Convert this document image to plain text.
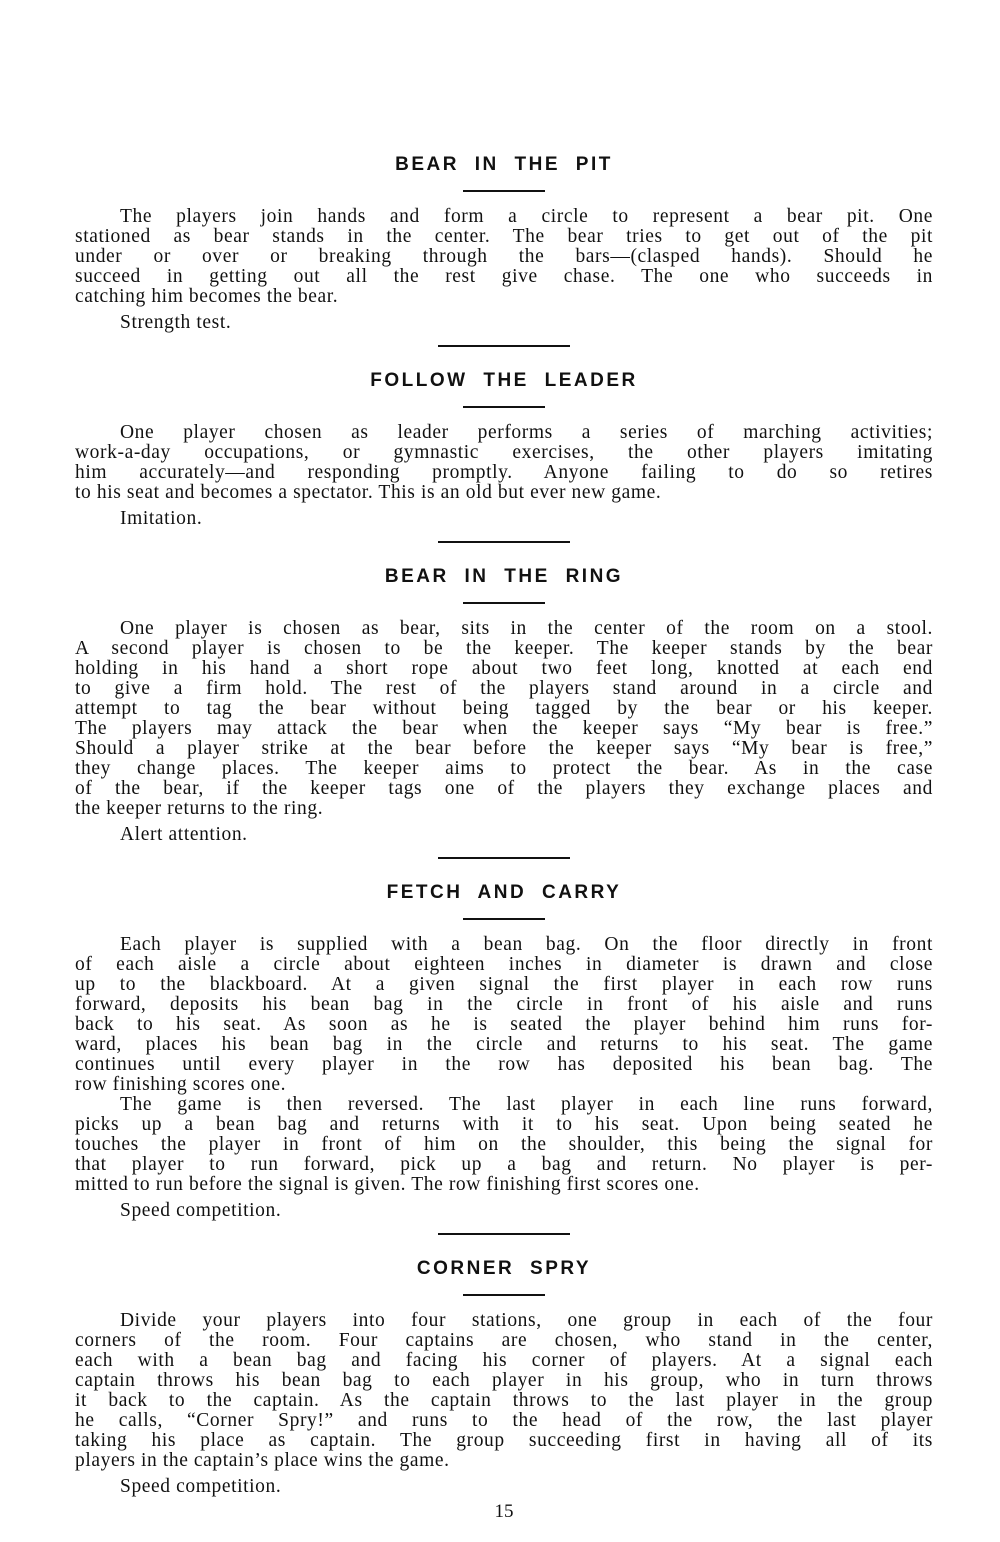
BEAR IN THE PIT
The players join hands and form a circle to represent a bear pit. One
stationed as bear stands in the center. The bear tries to get out of the pit
under or over or breaking through the bars—(clasped hands). Should he
succeed in getting out all the rest give chase. The one who succeeds in
catching him becomes the bear.
Strength test.
FOLLOW THE LEADER
One player chosen as leader performs a series of marching activities;
work-a-day occupations, or gymnastic exercises, the other players imitating
him accurately—and responding promptly. Anyone failing to do so retires
to his seat and becomes a spectator. This is an old but ever new game.
Imitation.
BEAR IN THE RING
One player is chosen as bear, sits in the center of the room on a stool.
A second player is chosen to be the keeper. The keeper stands by the bear
holding in his hand a short rope about two feet long, knotted at each end
to give a firm hold. The rest of the players stand around in a circle and
attempt to tag the bear without being tagged by the bear or his keeper.
The players may attack the bear when the keeper says “My bear is free.”
Should a player strike at the bear before the keeper says “My bear is free,”
they change places. The keeper aims to protect the bear. As in the case
of the bear, if the keeper tags one of the players they exchange places and
the keeper returns to the ring.
Alert attention.
FETCH AND CARRY
Each player is supplied with a bean bag. On the floor directly in front
of each aisle a circle about eighteen inches in diameter is drawn and close
up to the blackboard. At a given signal the first player in each row runs
forward, deposits his bean bag in the circle in front of his aisle and runs
back to his seat. As soon as he is seated the player behind him runs for-
ward, places his bean bag in the circle and returns to his seat. The game
continues until every player in the row has deposited his bean bag. The
row finishing scores one.
The game is then reversed. The last player in each line runs forward,
picks up a bean bag and returns with it to his seat. Upon being seated he
touches the player in front of him on the shoulder, this being the signal for
that player to run forward, pick up a bag and return. No player is per-
mitted to run before the signal is given. The row finishing first scores one.
Speed competition.
CORNER SPRY
Divide your players into four stations, one group in each of the four
corners of the room. Four captains are chosen, who stand in the center,
each with a bean bag and facing his corner of players. At a signal each
captain throws his bean bag to each player in his group, who in turn throws
it back to the captain. As the captain throws to the last player in the group
he calls, “Corner Spry!” and runs to the head of the row, the last player
taking his place as captain. The group succeeding first in having all of its
players in the captain’s place wins the game.
Speed competition.
15
